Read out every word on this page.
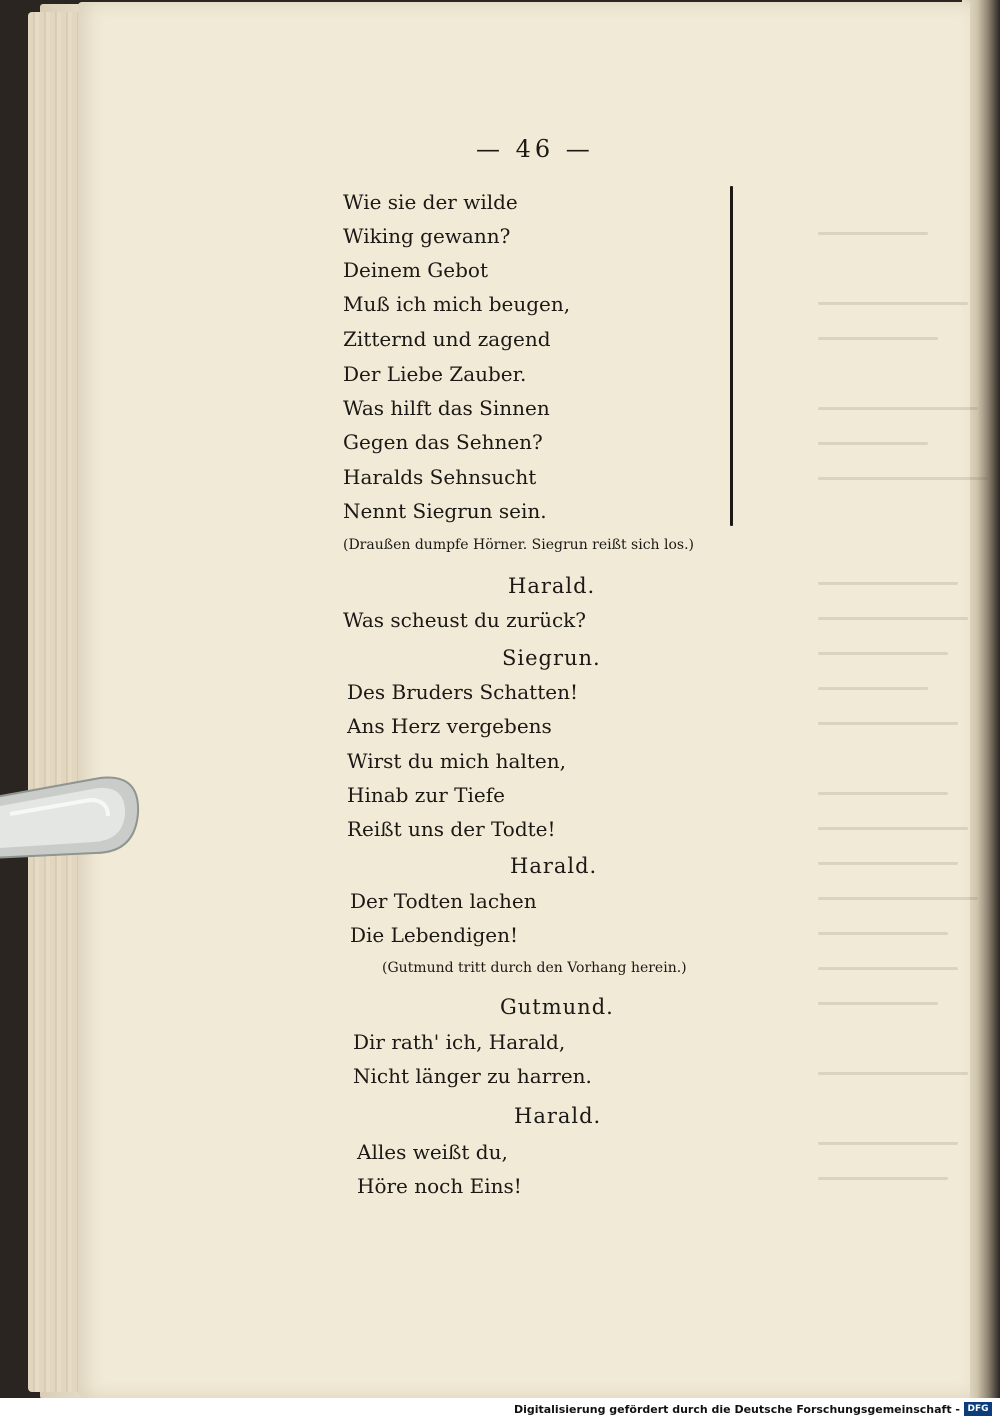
— 46 —
Wie sie der wilde
Wiking gewann?
Deinem Gebot
Muß ich mich beugen,
Zitternd und zagend
Der Liebe Zauber.
Was hilft das Sinnen
Gegen das Sehnen?
Haralds Sehnsucht
Nennt Siegrun sein.
(Draußen dumpfe Hörner. Siegrun reißt sich los.)
Harald.
Was scheust du zurück?
Siegrun.
Des Bruders Schatten!
Ans Herz vergebens
Wirst du mich halten,
Hinab zur Tiefe
Reißt uns der Todte!
Harald.
Der Todten lachen
Die Lebendigen!
(Gutmund tritt durch den Vorhang herein.)
Gutmund.
Dir rath' ich, Harald,
Nicht länger zu harren.
Harald.
Alles weißt du,
Höre noch Eins!
Digitalisierung gefördert durch die Deutsche Forschungsgemeinschaft - DFG
